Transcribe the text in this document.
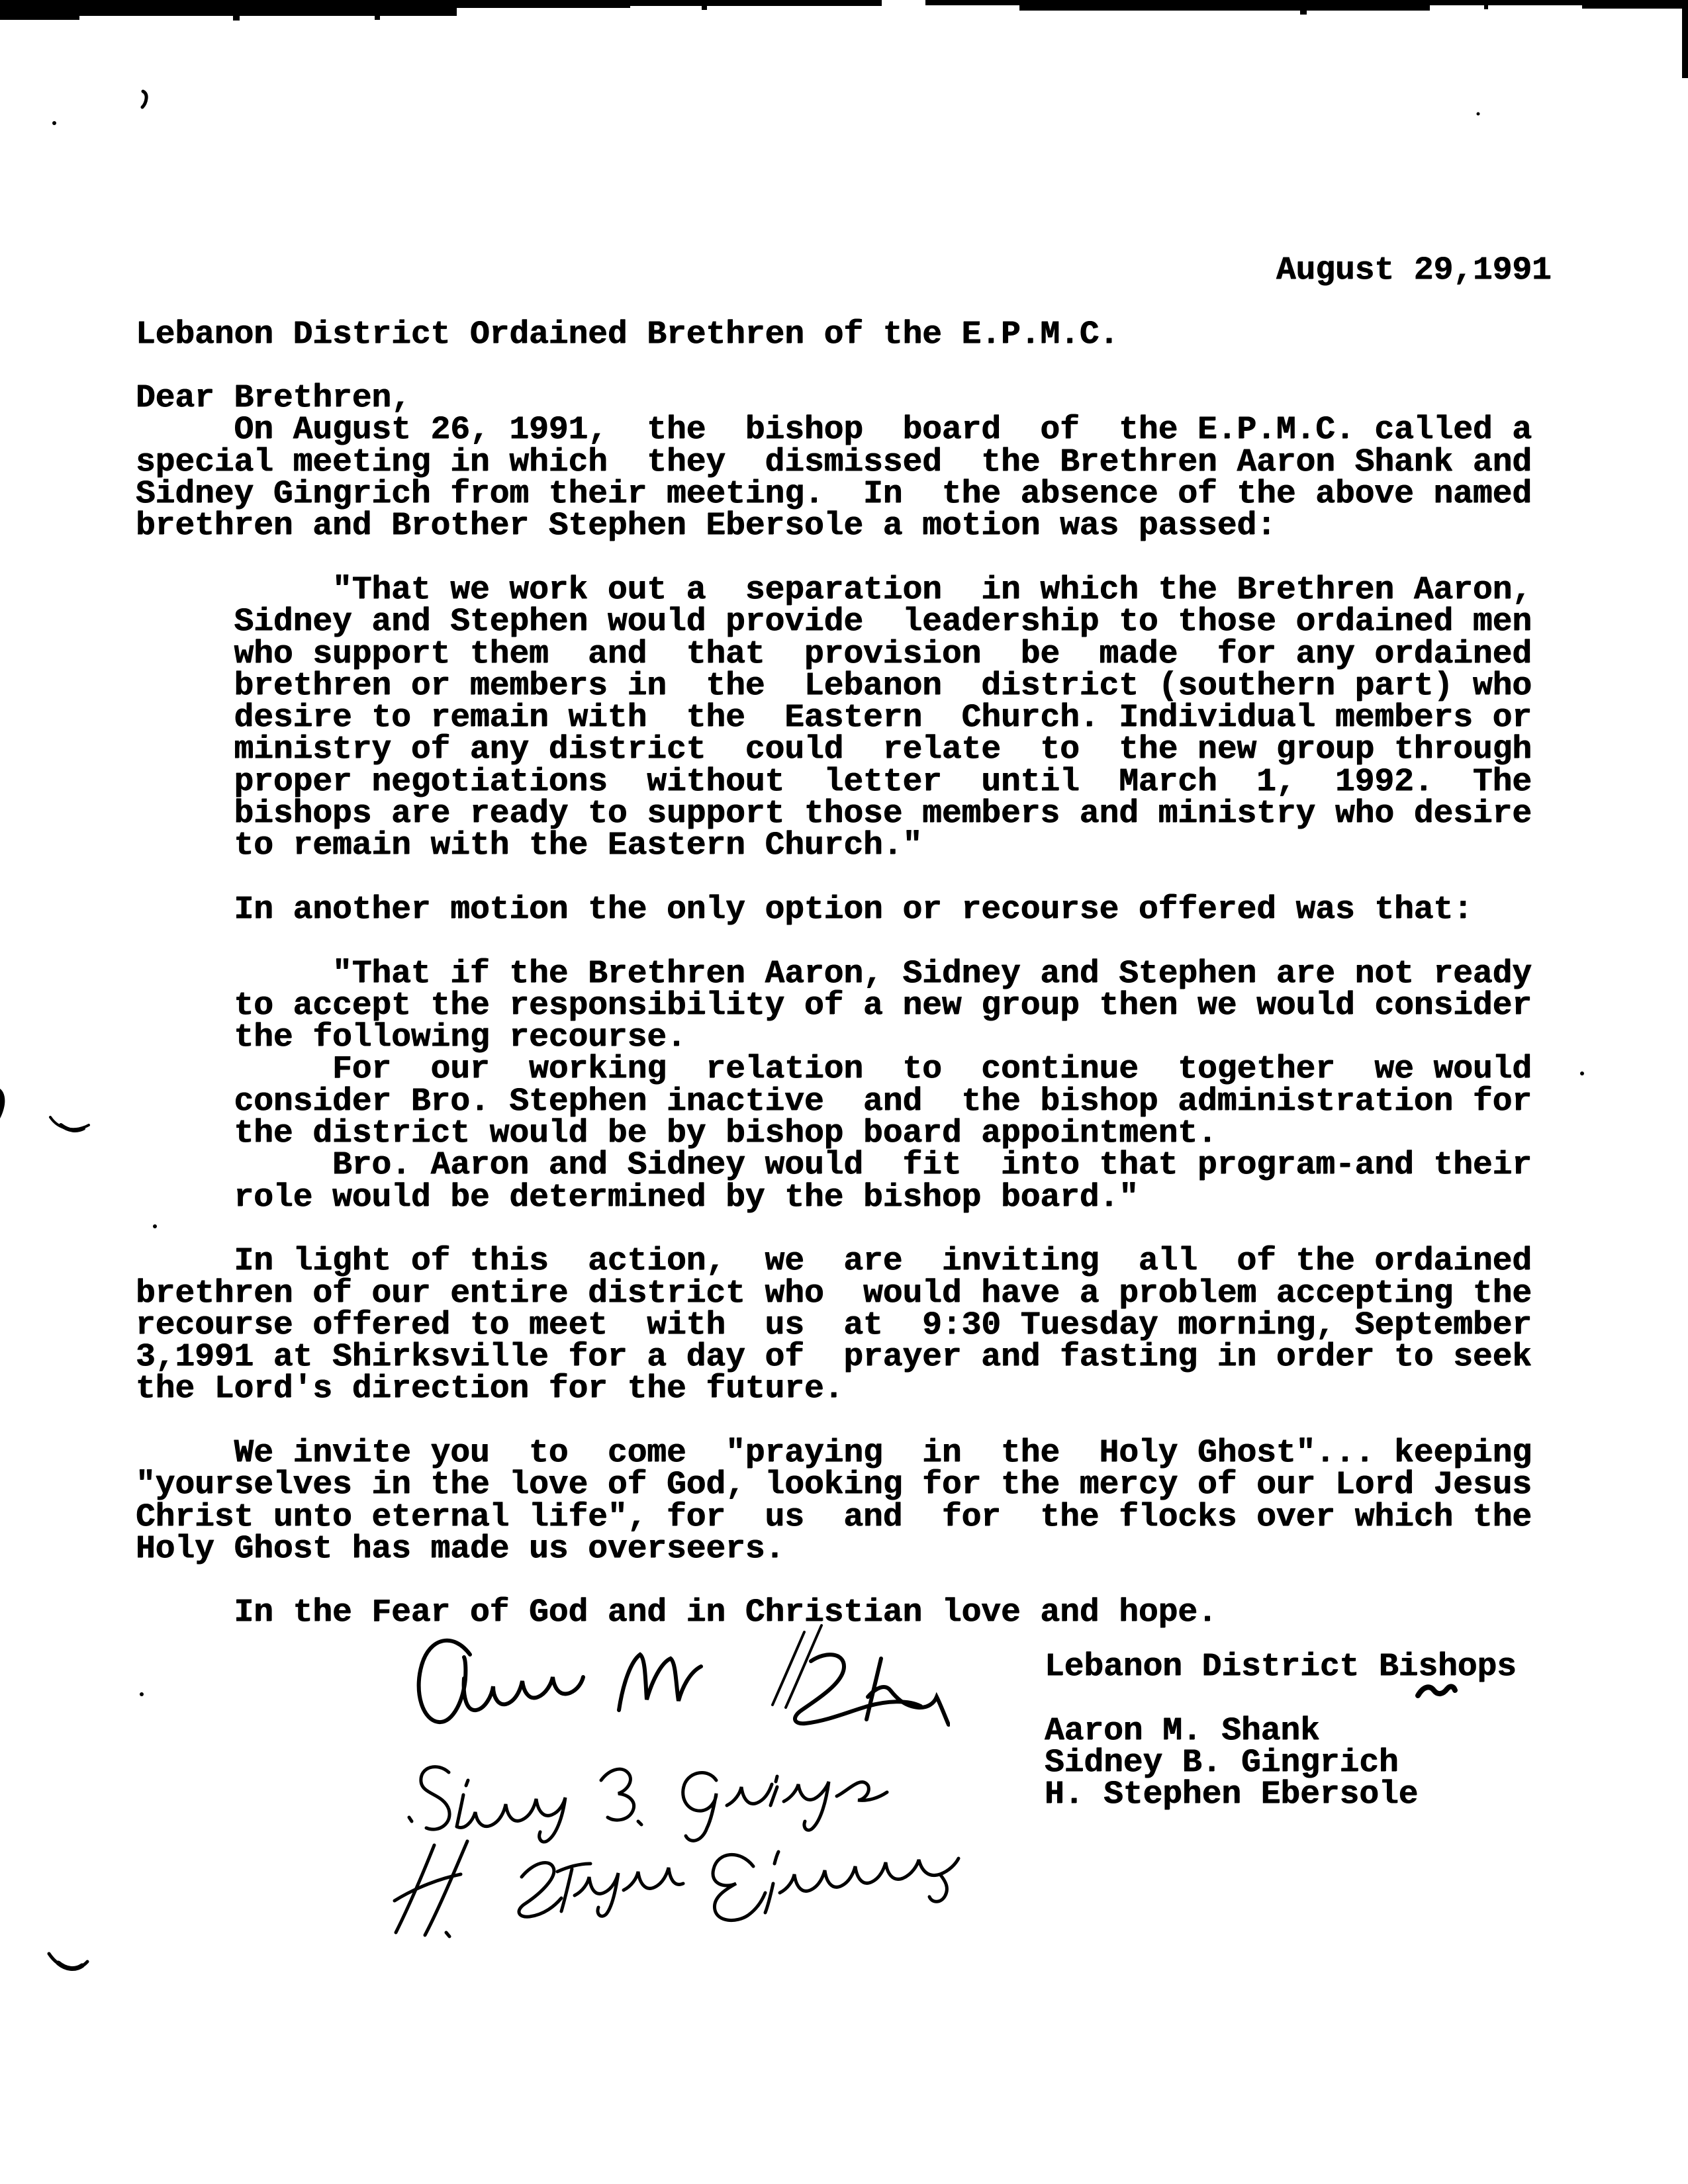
August 29,1991

Lebanon District Ordained Brethren of the E.P.M.C.

Dear Brethren,
On August 26, 1991,  the  bishop  board  of  the E.P.M.C. called a
special meeting in which  they  dismissed  the Brethren Aaron Shank and
Sidney Gingrich from their meeting.  In  the absence of the above named
brethren and Brother Stephen Ebersole a motion was passed:

"That we work out a  separation  in which the Brethren Aaron,
Sidney and Stephen would provide  leadership to those ordained men
who support them  and  that  provision  be  made  for any ordained
brethren or members in  the  Lebanon  district (southern part) who
desire to remain with  the  Eastern  Church. Individual members or
ministry of any district  could  relate  to  the new group through
proper negotiations  without  letter  until  March  1,  1992.  The
bishops are ready to support those members and ministry who desire
to remain with the Eastern Church."

In another motion the only option or recourse offered was that:

"That if the Brethren Aaron, Sidney and Stephen are not ready
to accept the responsibility of a new group then we would consider
the following recourse.
For  our  working  relation  to  continue  together  we would
consider Bro. Stephen inactive  and  the bishop administration for
the district would be by bishop board appointment.
Bro. Aaron and Sidney would  fit  into that program-and their
role would be determined by the bishop board."

In light of this  action,  we  are  inviting  all  of the ordained
brethren of our entire district who  would have a problem accepting the
recourse offered to meet  with  us  at  9:30 Tuesday morning, September
3,1991 at Shirksville for a day of  prayer and fasting in order to seek
the Lord's direction for the future.

We invite you  to  come  "praying  in  the  Holy Ghost"... keeping
"yourselves in the love of God, looking for the mercy of our Lord Jesus
Christ unto eternal life", for  us  and  for  the flocks over which the
Holy Ghost has made us overseers.

In the Fear of God and in Christian love and hope.
Lebanon District Bishops

Aaron M. Shank
Sidney B. Gingrich
H. Stephen Ebersole
